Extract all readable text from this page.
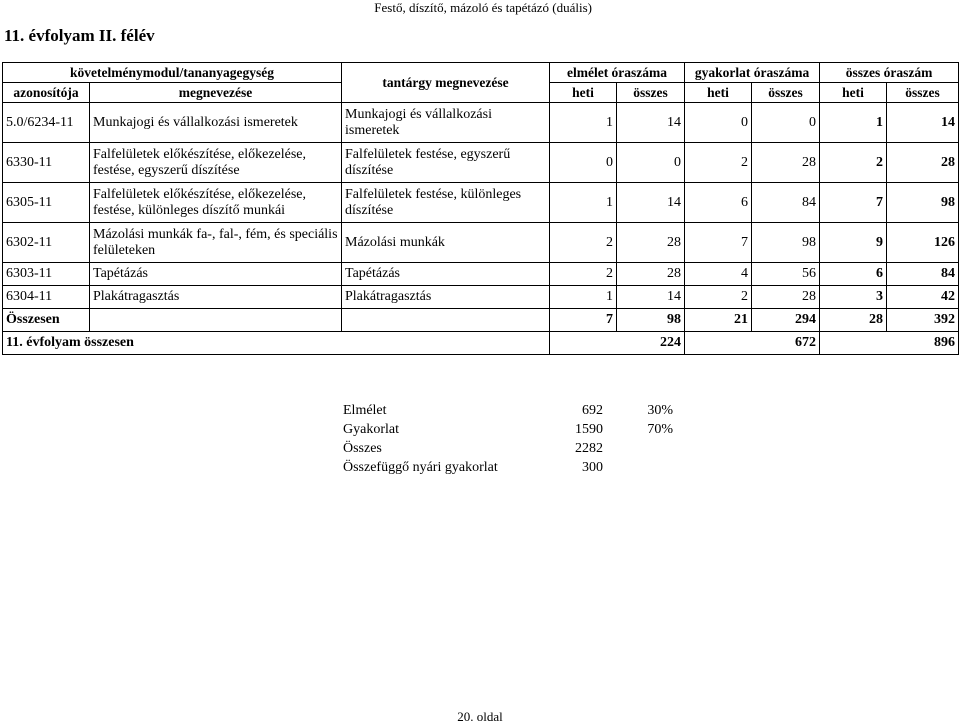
Festő, díszítő, mázoló és tapétázó (duális)
11. évfolyam II. félév
követelménymodul/tananyagegység		tantárgy megnevezése	elmélet óraszáma		gyakorlat óraszáma		összes óraszám	
azonosítója	megnevezése		heti	összes	heti	összes	heti	összes
5.0/6234-11	Munkajogi és vállalkozási ismeretek	Munkajogi és vállalkozási ismeretek	1	14	0	0	1	14
6330-11	Falfelületek előkészítése, előkezelése, festése, egyszerű díszítése	Falfelületek festése, egyszerű díszítése	0	0	2	28	2	28
6305-11	Falfelületek előkészítése, előkezelése, festése, különleges díszítő munkái	Falfelületek festése, különleges díszítése	1	14	6	84	7	98
6302-11	Mázolási munkák fa-, fal-, fém, és speciális felületeken	Mázolási munkák	2	28	7	98	9	126
6303-11	Tapétázás	Tapétázás	2	28	4	56	6	84
6304-11	Plakátragasztás	Plakátragasztás	1	14	2	28	3	42
Összesen			7	98	21	294	28	392
11. évfolyam összesen			224		672		896	
Elmélet	692	30%
Gyakorlat	1590	70%
Összes	2282	
Összefüggő nyári gyakorlat	300	
20. oldal
